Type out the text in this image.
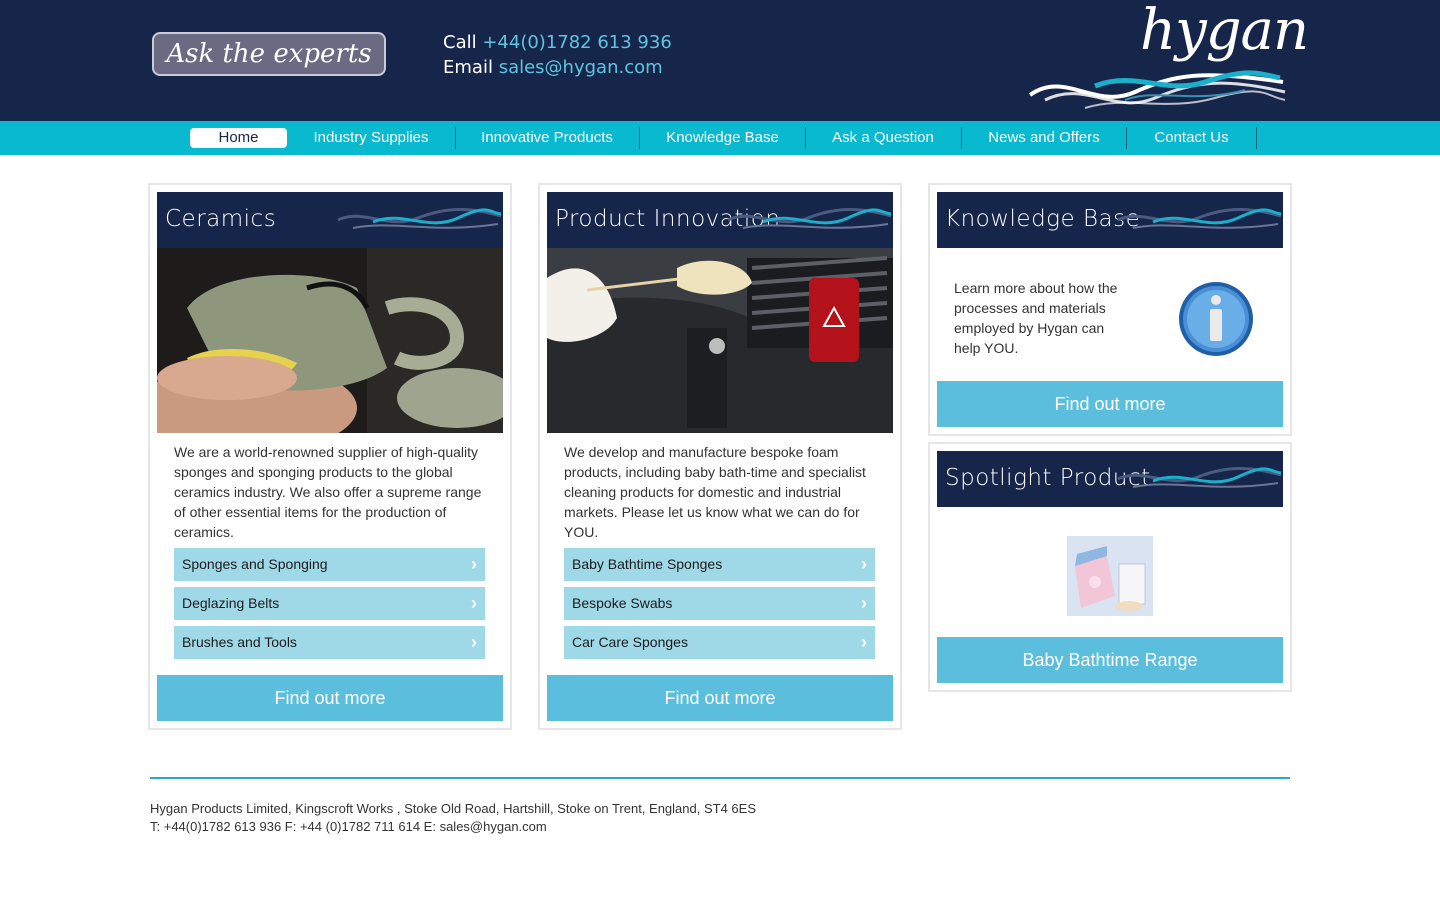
Ask the experts	Call +44(0)1782 613 936
Email sales@hygan.com
hygan
Home	Industry Supplies	Innovative Products	Knowledge Base	Ask a Question	News and Offers	Contact Us
Ceramics
We are a world-renowned supplier of high-quality sponges and sponging products to the global ceramics industry. We also offer a supreme range of other essential items for the production of ceramics.
Sponges and Sponging	›
Deglazing Belts	›
Brushes and Tools	›
Find out more
Product Innovation
We develop and manufacture bespoke foam products, including baby bath-time and specialist cleaning products for domestic and industrial markets. Please let us know what we can do for YOU.
Baby Bathtime Sponges	›
Bespoke Swabs	›
Car Care Sponges	›
Find out more
Knowledge Base
Learn more about how the processes and materials employed by Hygan can help YOU.
Find out more
Spotlight Product
Baby Bathtime Range
Hygan Products Limited, Kingscroft Works , Stoke Old Road, Hartshill, Stoke on Trent, England, ST4 6ES
T: +44(0)1782 613 936 F: +44 (0)1782 711 614 E: sales@hygan.com
